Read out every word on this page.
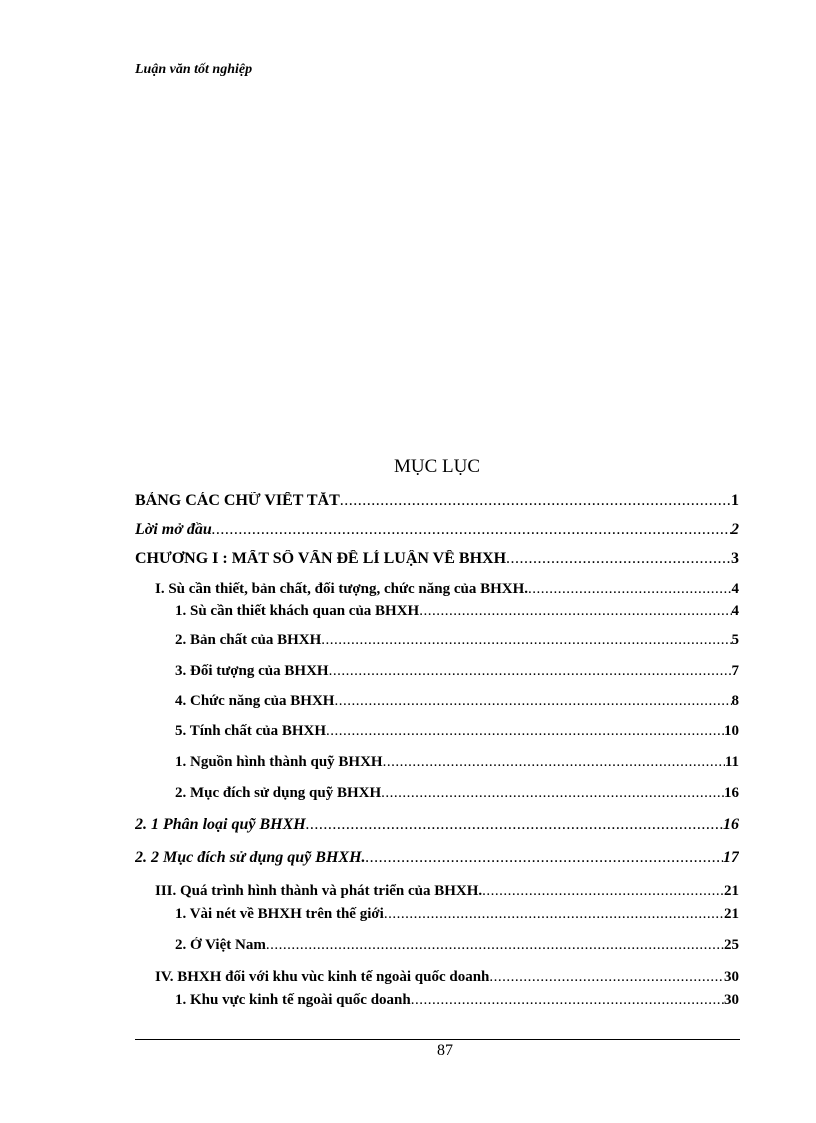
Luận văn tốt nghiệp
MỤC LỤC
BẢNG CÁC CHỮ VIẾT TẮT .....	1
Lời mở đầu .....	2
CHƯƠNG I : MẤT SỐ VẤN ĐỀ LÍ LUẬN VỀ BHXH .....	3
I. Sù cần thiết, bản chất, đối tượng, chức năng của BHXH. .....	4
1. Sù cần thiết khách quan của BHXH .....	4
2. Bản chất của BHXH .....	5
3. Đối tượng của BHXH .....	7
4. Chức năng của BHXH .....	8
5. Tính chất của BHXH .....	10
1. Nguồn hình thành quỹ BHXH .....	11
2. Mục đích sử dụng quỹ BHXH .....	16
2. 1 Phân loại quỹ BHXH .....	16
2. 2 Mục đích sử dụng quỹ BHXH. .....	17
III. Quá trình hình thành và phát triển của BHXH. .....	21
1. Vài nét về BHXH trên thế giới .....	21
2. Ở Việt Nam .....	25
IV. BHXH đối với khu vùc kinh tế ngoài quốc doanh .....	30
1. Khu vực kinh tế ngoài quốc doanh .....	30
87
